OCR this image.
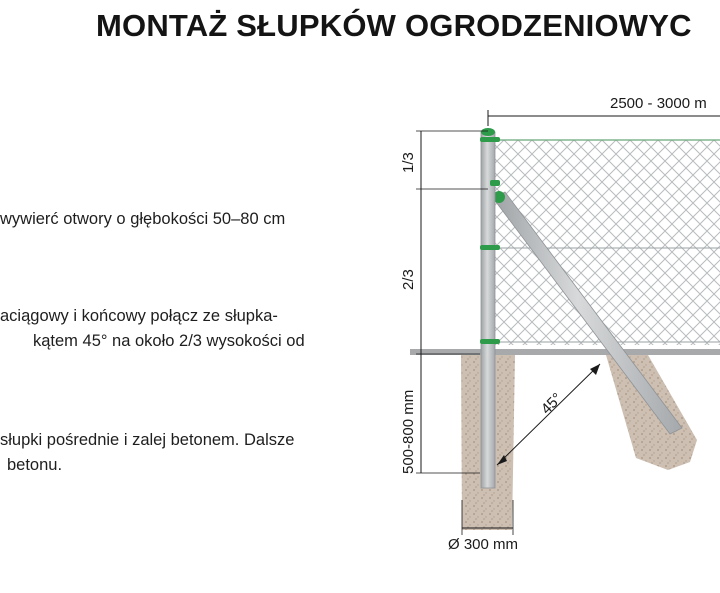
MONTAŻ SŁUPKÓW OGRODZENIOWYC
wywierć otwory o głębokości 50–80 cm
aciągowy i końcowy połącz ze słupka-
kątem 45° na około 2/3 wysokości od
słupki pośrednie i zalej betonem. Dalsze
betonu.
2500 - 3000 m
1/3
2/3
500-800 mm	45°
Ø 300 mm
